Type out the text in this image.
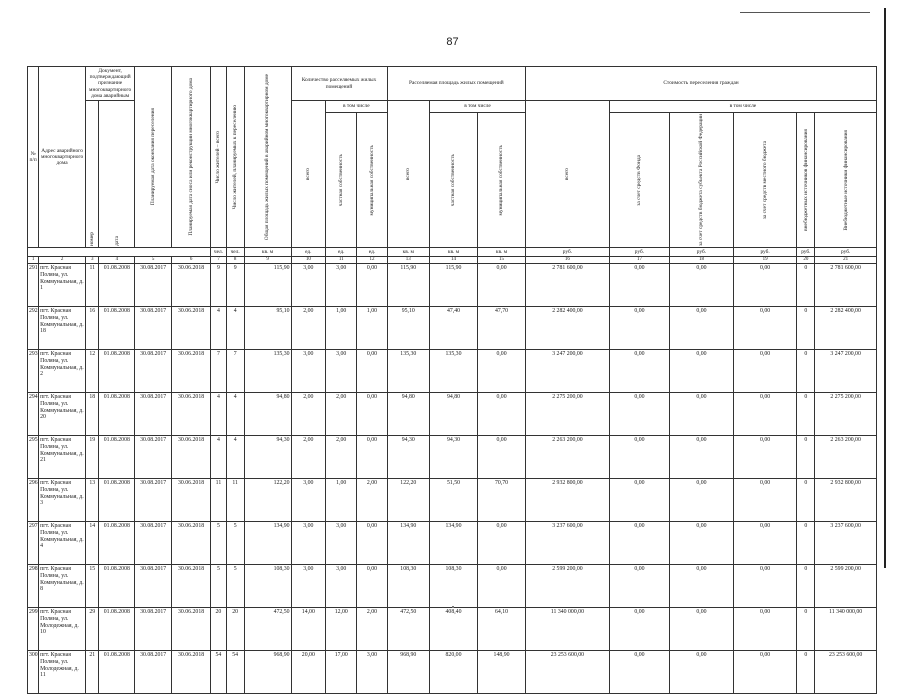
87
№ п/п	Адрес аварийного многоквартирного дома	Документ, подтверждающий признание многоквартирного дома аварийным		Планируемая дата окончания переселения	Планируемая дата сноса или реконструкции многоквартирного дома	Число жителей – всего	Число жителей, планируемых к переселению	Общая площадь жилых помещений в аварийном многоквартирном доме	Количество расселяемых жилых помещений			Расселяемая площадь жилых помещений			Стоимость переселения граждан					

		номер	дата						всего	в том числе		всего	в том числе		всего	в том числе				

										частная собственность	муниципальная собственность		частная собственность	муниципальная собственность		за счет средств Фонда	за счет средств бюджета субъекта Российской Федерации	за счет средств местного бюджета	внебюджетных источников финансирования	Внебюджетные источники финансирования

						чел.	чел.	кв. м	ед.	ед.	ед.	кв. м	кв. м	кв. м	руб.	руб.	руб.	руб.	руб.	руб.
1	2	3	4	5	6	7	8	9	10	11	12	13	14	15	16	17	18	19	20	21
291	пгт. Красная Поляна, ул. Коммунальная, д. 1	11	01.08.2008	30.08.2017	30.06.2018	9	9	115,90	3,00	3,00	0,00	115,90	115,90	0,00	2 781 600,00	0,00	0,00	0,00	0	2 781 600,00
292	пгт. Красная Поляна, ул. Коммунальная, д. 18	16	01.08.2008	30.08.2017	30.06.2018	4	4	95,10	2,00	1,00	1,00	95,10	47,40	47,70	2 282 400,00	0,00	0,00	0,00	0	2 282 400,00
293	пгт. Красная Поляна, ул. Коммунальная, д. 2	12	01.08.2008	30.08.2017	30.06.2018	7	7	135,30	3,00	3,00	0,00	135,30	135,30	0,00	3 247 200,00	0,00	0,00	0,00	0	3 247 200,00
294	пгт. Красная Поляна, ул. Коммунальная, д. 20	18	01.08.2008	30.08.2017	30.06.2018	4	4	94,80	2,00	2,00	0,00	94,80	94,80	0,00	2 275 200,00	0,00	0,00	0,00	0	2 275 200,00
295	пгт. Красная Поляна, ул. Коммунальная, д. 21	19	01.08.2008	30.08.2017	30.06.2018	4	4	94,30	2,00	2,00	0,00	94,30	94,30	0,00	2 263 200,00	0,00	0,00	0,00	0	2 263 200,00
296	пгт. Красная Поляна, ул. Коммунальная, д. 3	13	01.08.2008	30.08.2017	30.06.2018	11	11	122,20	3,00	1,00	2,00	122,20	51,50	70,70	2 932 800,00	0,00	0,00	0,00	0	2 932 800,00
297	пгт. Красная Поляна, ул. Коммунальная, д. 4	14	01.08.2008	30.08.2017	30.06.2018	5	5	134,90	3,00	3,00	0,00	134,90	134,90	0,00	3 237 600,00	0,00	0,00	0,00	0	3 237 600,00
298	пгт. Красная Поляна, ул. Коммунальная, д. 8	15	01.08.2008	30.08.2017	30.06.2018	5	5	108,30	3,00	3,00	0,00	108,30	108,30	0,00	2 599 200,00	0,00	0,00	0,00	0	2 599 200,00
299	пгт. Красная Поляна, ул. Молодежная, д. 10	29	01.08.2008	30.08.2017	30.06.2018	20	20	472,50	14,00	12,00	2,00	472,50	408,40	64,10	11 340 000,00	0,00	0,00	0,00	0	11 340 000,00
300	пгт. Красная Поляна, ул. Молодежная, д. 11	21	01.08.2008	30.08.2017	30.06.2018	54	54	968,90	20,00	17,00	3,00	968,90	820,00	148,90	23 253 600,00	0,00	0,00	0,00	0	23 253 600,00
